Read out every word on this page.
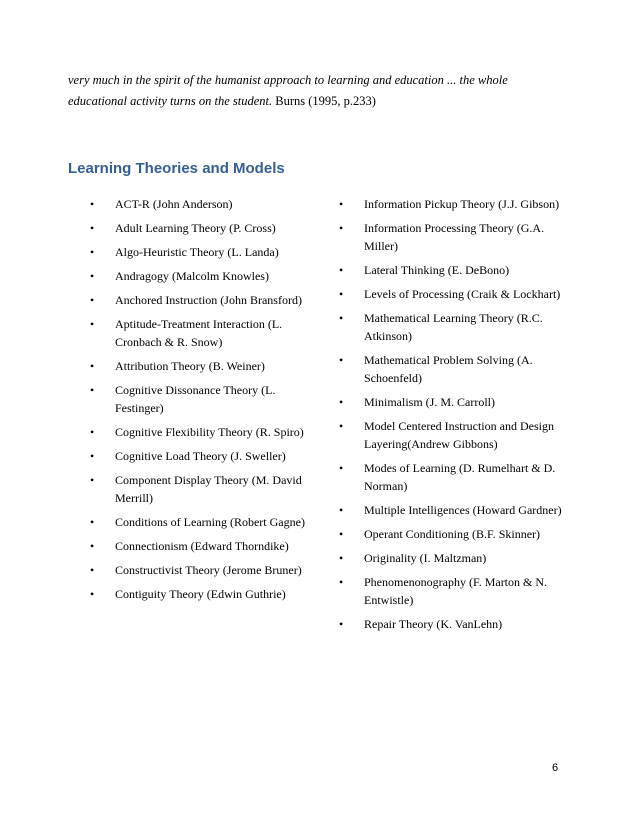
very much in the spirit of the humanist approach to learning and education ... the whole educational activity turns on the student. Burns (1995, p.233)

Learning Theories and Models
• ACT-R (John Anderson)
• Adult Learning Theory (P. Cross)
• Algo-Heuristic Theory (L. Landa)
• Andragogy (Malcolm Knowles)
• Anchored Instruction (John Bransford)
• Aptitude-Treatment Interaction (L. Cronbach & R. Snow)
• Attribution Theory (B. Weiner)
• Cognitive Dissonance Theory (L. Festinger)
• Cognitive Flexibility Theory (R. Spiro)
• Cognitive Load Theory (J. Sweller)
• Component Display Theory (M. David Merrill)
• Conditions of Learning (Robert Gagne)
• Connectionism (Edward Thorndike)
• Constructivist Theory (Jerome Bruner)
• Contiguity Theory (Edwin Guthrie)
• Information Pickup Theory (J.J. Gibson)
• Information Processing Theory (G.A. Miller)
• Lateral Thinking (E. DeBono)
• Levels of Processing (Craik & Lockhart)
• Mathematical Learning Theory (R.C. Atkinson)
• Mathematical Problem Solving (A. Schoenfeld)
• Minimalism (J. M. Carroll)
• Model Centered Instruction and Design Layering(Andrew Gibbons)
• Modes of Learning (D. Rumelhart & D. Norman)
• Multiple Intelligences (Howard Gardner)
• Operant Conditioning (B.F. Skinner)
• Originality (I. Maltzman)
• Phenomenonography (F. Marton & N. Entwistle)
• Repair Theory (K. VanLehn)
6
